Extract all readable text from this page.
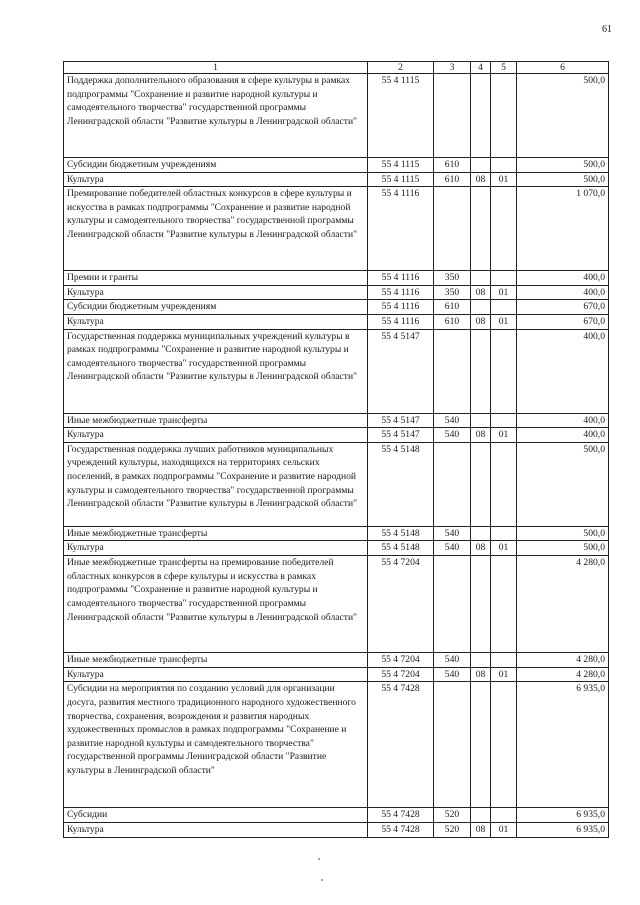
61
1	2	3	4	5	6
Поддержка дополнительного образования в сфере культуры в рамках подпрограммы "Сохранение и развитие народной культуры и самодеятельного творчества" государственной программы Ленинградской области "Развитие культуры в Ленинградской области"	55 4 1115				500,0
Субсидии бюджетным учреждениям	55 4 1115	610			500,0
Культура	55 4 1115	610	08	01	500,0
Премирование победителей областных конкурсов в сфере культуры и искусства в рамках подпрограммы "Сохранение и развитие народной культуры и самодеятельного творчества" государственной программы Ленинградской области "Развитие культуры в Ленинградской области"	55 4 1116				1 070,0
Премии и гранты	55 4 1116	350			400,0
Культура	55 4 1116	350	08	01	400,0
Субсидии бюджетным учреждениям	55 4 1116	610			670,0
Культура	55 4 1116	610	08	01	670,0
Государственная поддержка муниципальных учреждений культуры в рамках подпрограммы "Сохранение и развитие народной культуры и самодеятельного творчества" государственной программы Ленинградской области "Развитие культуры в Ленинградской области"	55 4 5147				400,0
Иные межбюджетные трансферты	55 4 5147	540			400,0
Культура	55 4 5147	540	08	01	400,0
Государственная поддержка лучших работников муниципальных учреждений культуры, находящихся на территориях сельских поселений, в рамках подпрограммы "Сохранение и развитие народной культуры и самодеятельного творчества" государственной программы Ленинградской области "Развитие культуры в Ленинградской области"	55 4 5148				500,0
Иные межбюджетные трансферты	55 4 5148	540			500,0
Культура	55 4 5148	540	08	01	500,0
Иные межбюджетные трансферты на премирование победителей областных конкурсов в сфере культуры и искусства в рамках подпрограммы "Сохранение и развитие народной культуры и самодеятельного творчества" государственной программы Ленинградской области "Развитие культуры в Ленинградской области"	55 4 7204				4 280,0
Иные межбюджетные трансферты	55 4 7204	540			4 280,0
Культура	55 4 7204	540	08	01	4 280,0
Субсидии на мероприятия по созданию условий для организации досуга, развития местного традиционного народного художественного творчества, сохранения, возрождения и развития народных художественных промыслов в рамках подпрограммы "Сохранение и развитие народной культуры и самодеятельного творчества" государственной программы Ленинградской области "Развитие культуры в Ленинградской области"	55 4 7428				6 935,0
Субсидии	55 4 7428	520			6 935,0
Культура	55 4 7428	520	08	01	6 935,0
